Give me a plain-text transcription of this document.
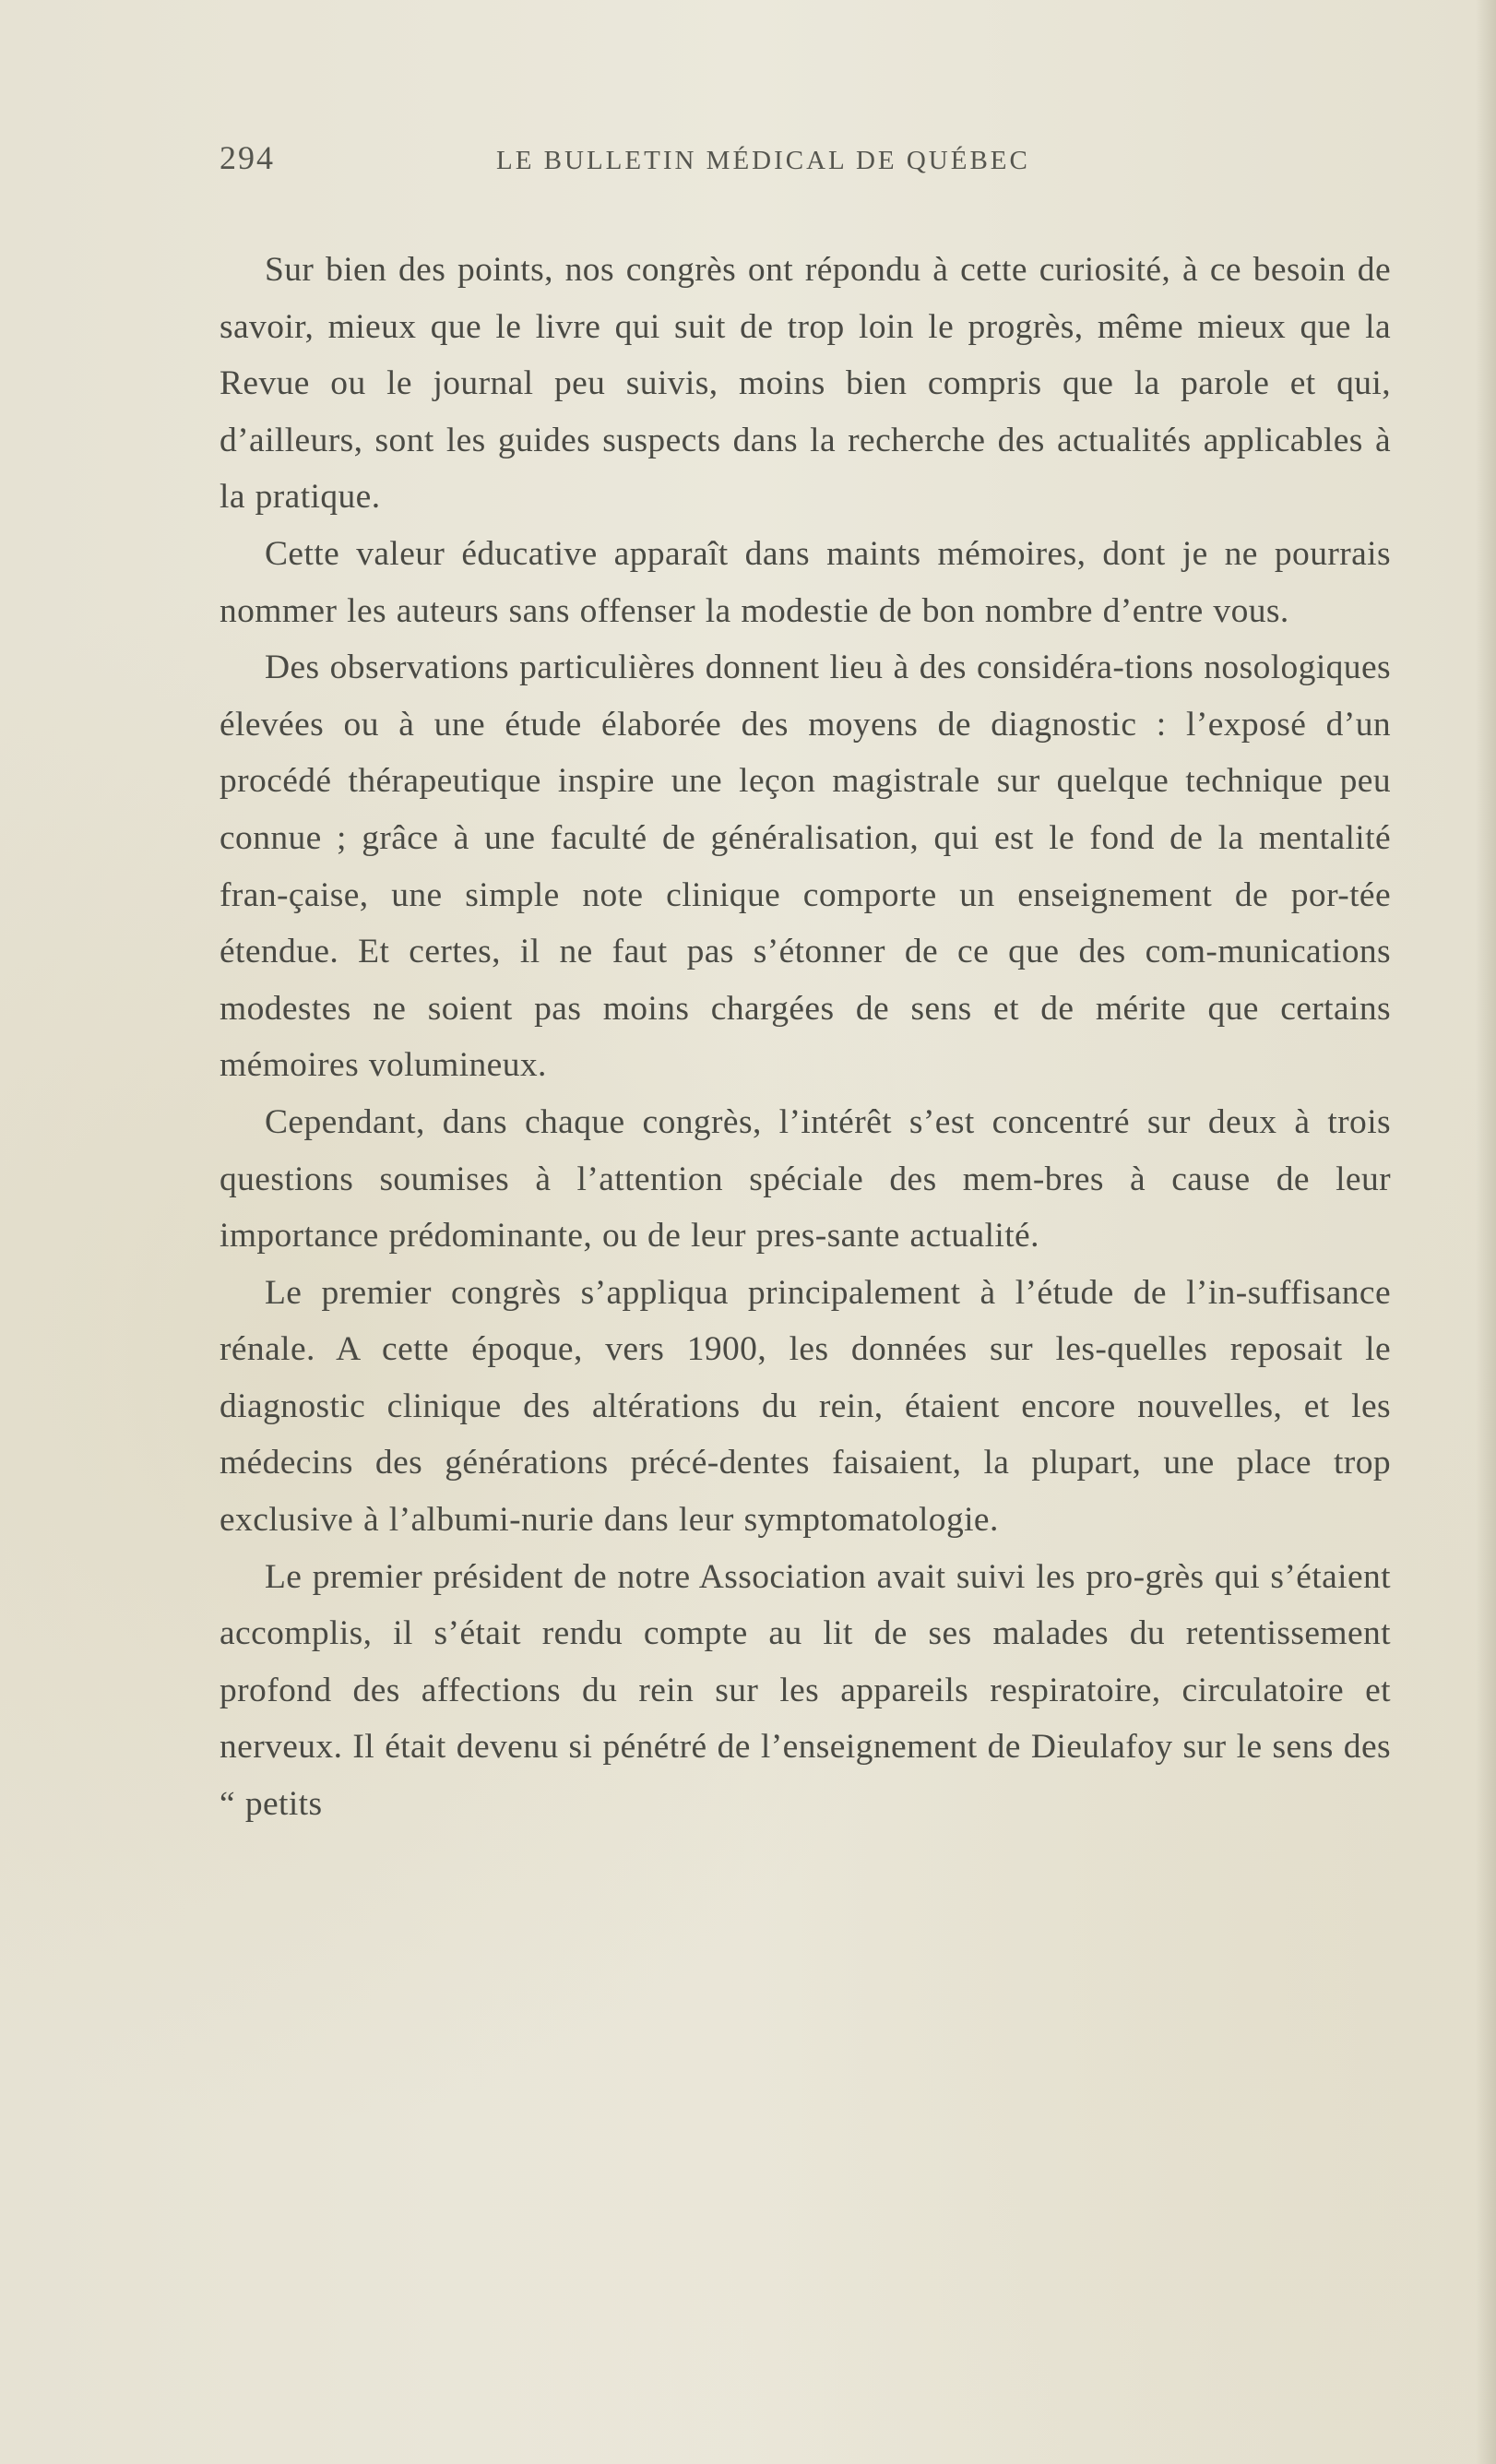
294	LE BULLETIN MÉDICAL DE QUÉBEC

Sur bien des points, nos congrès ont répondu à cette curiosité, à ce besoin de savoir, mieux que le livre qui suit de trop loin le progrès, même mieux que la Revue ou le journal peu suivis, moins bien compris que la parole et qui, d’ailleurs, sont les guides suspects dans la recherche des actualités applicables à la pratique.

Cette valeur éducative apparaît dans maints mémoires, dont je ne pourrais nommer les auteurs sans offenser la modestie de bon nombre d’entre vous.

Des observations particulières donnent lieu à des considéra-tions nosologiques élevées ou à une étude élaborée des moyens de diagnostic : l’exposé d’un procédé thérapeutique inspire une leçon magistrale sur quelque technique peu connue ; grâce à une faculté de généralisation, qui est le fond de la mentalité fran-çaise, une simple note clinique comporte un enseignement de por-tée étendue. Et certes, il ne faut pas s’étonner de ce que des com-munications modestes ne soient pas moins chargées de sens et de mérite que certains mémoires volumineux.

Cependant, dans chaque congrès, l’intérêt s’est concentré sur deux à trois questions soumises à l’attention spéciale des mem-bres à cause de leur importance prédominante, ou de leur pres-sante actualité.

Le premier congrès s’appliqua principalement à l’étude de l’in-suffisance rénale. A cette époque, vers 1900, les données sur les-quelles reposait le diagnostic clinique des altérations du rein, étaient encore nouvelles, et les médecins des générations précé-dentes faisaient, la plupart, une place trop exclusive à l’albumi-nurie dans leur symptomatologie.

Le premier président de notre Association avait suivi les pro-grès qui s’étaient accomplis, il s’était rendu compte au lit de ses malades du retentissement profond des affections du rein sur les appareils respiratoire, circulatoire et nerveux. Il était devenu si pénétré de l’enseignement de Dieulafoy sur le sens des “ petits
